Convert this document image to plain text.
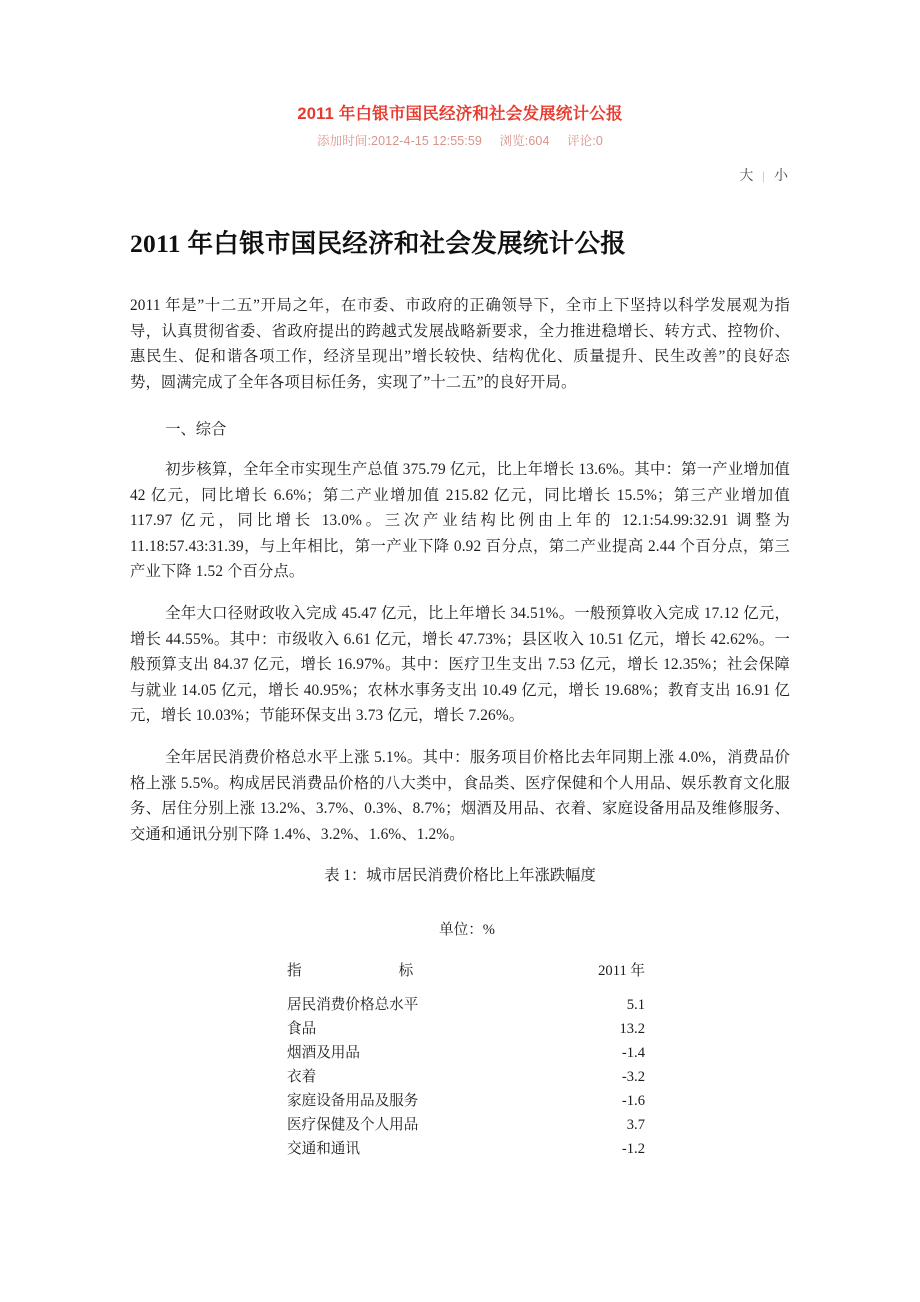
2011 年白银市国民经济和社会发展统计公报
添加时间:2012-4-15 12:55:59 浏览:604 评论:0
大 | 小
2011 年白银市国民经济和社会发展统计公报

2011 年是”十二五”开局之年，在市委、市政府的正确领导下，全市上下坚持以科学发展观为指导，认真贯彻省委、省政府提出的跨越式发展战略新要求，全力推进稳增长、转方式、控物价、惠民生、促和谐各项工作，经济呈现出”增长较快、结构优化、质量提升、民生改善”的良好态势，圆满完成了全年各项目标任务，实现了”十二五”的良好开局。

一、综合

初步核算，全年全市实现生产总值 375.79 亿元，比上年增长 13.6%。其中：第一产业增加值 42 亿元，同比增长 6.6%；第二产业增加值 215.82 亿元，同比增长 15.5%；第三产业增加值 117.97 亿元，同比增长 13.0%。三次产业结构比例由上年的 12.1:54.99:32.91 调整为 11.18:57.43:31.39，与上年相比，第一产业下降 0.92 百分点，第二产业提高 2.44 个百分点，第三产业下降 1.52 个百分点。

全年大口径财政收入完成 45.47 亿元，比上年增长 34.51%。一般预算收入完成 17.12 亿元，增长 44.55%。其中：市级收入 6.61 亿元，增长 47.73%；县区收入 10.51 亿元，增长 42.62%。一般预算支出 84.37 亿元，增长 16.97%。其中：医疗卫生支出 7.53 亿元，增长 12.35%；社会保障与就业 14.05 亿元，增长 40.95%；农林水事务支出 10.49 亿元，增长 19.68%；教育支出 16.91 亿元，增长 10.03%；节能环保支出 3.73 亿元，增长 7.26%。

全年居民消费价格总水平上涨 5.1%。其中：服务项目价格比去年同期上涨 4.0%，消费品价格上涨 5.5%。构成居民消费品价格的八大类中，食品类、医疗保健和个人用品、娱乐教育文化服务、居住分别上涨 13.2%、3.7%、0.3%、8.7%；烟酒及用品、衣着、家庭设备用品及维修服务、交通和通讯分别下降 1.4%、3.2%、1.6%、1.2%。

表 1：城市居民消费价格比上年涨跌幅度

单位：%

指 标	2011 年
居民消费价格总水平	5.1
食品	13.2
烟酒及用品	-1.4
衣着	-3.2
家庭设备用品及服务	-1.6
医疗保健及个人用品	3.7
交通和通讯	-1.2
